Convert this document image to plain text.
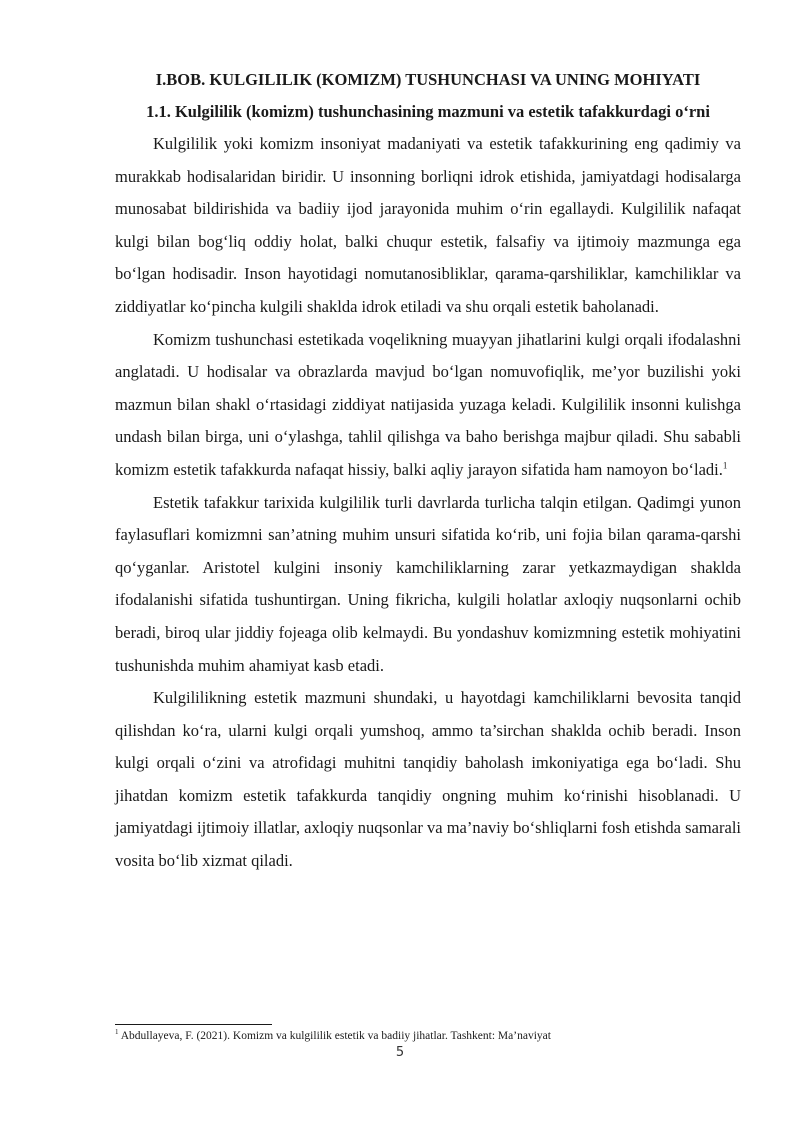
I.BOB. KULGILILIK (KOMIZM) TUSHUNCHASI VA UNING MOHIYATI

1.1. Kulgililik (komizm) tushunchasining mazmuni va estetik tafakkurdagi o‘rni

Kulgililik yoki komizm insoniyat madaniyati va estetik tafakkurining eng qadimiy va murakkab hodisalaridan biridir. U insonning borliqni idrok etishida, jamiyatdagi hodisalarga munosabat bildirishida va badiiy ijod jarayonida muhim o‘rin egallaydi. Kulgililik nafaqat kulgi bilan bog‘liq oddiy holat, balki chuqur estetik, falsafiy va ijtimoiy mazmunga ega bo‘lgan hodisadir. Inson hayotidagi nomutanosibliklar, qarama-qarshiliklar, kamchiliklar va ziddiyatlar ko‘pincha kulgili shaklda idrok etiladi va shu orqali estetik baholanadi.

Komizm tushunchasi estetikada voqelikning muayyan jihatlarini kulgi orqali ifodalashni anglatadi. U hodisalar va obrazlarda mavjud bo‘lgan nomuvofiqlik, me’yor buzilishi yoki mazmun bilan shakl o‘rtasidagi ziddiyat natijasida yuzaga keladi. Kulgililik insonni kulishga undash bilan birga, uni o‘ylashga, tahlil qilishga va baho berishga majbur qiladi. Shu sababli komizm estetik tafakkurda nafaqat hissiy, balki aqliy jarayon sifatida ham namoyon bo‘ladi.$^1$

Estetik tafakkur tarixida kulgililik turli davrlarda turlicha talqin etilgan. Qadimgi yunon faylasuflari komizmni san’atning muhim unsuri sifatida ko‘rib, uni fojia bilan qarama-qarshi qo‘yganlar. Aristotel kulgini insoniy kamchiliklarning zarar yetkazmaydigan shaklda ifodalanishi sifatida tushuntirgan. Uning fikricha, kulgili holatlar axloqiy nuqsonlarni ochib beradi, biroq ular jiddiy fojeaga olib kelmaydi. Bu yondashuv komizmning estetik mohiyatini tushunishda muhim ahamiyat kasb etadi.

Kulgililikning estetik mazmuni shundaki, u hayotdagi kamchiliklarni bevosita tanqid qilishdan ko‘ra, ularni kulgi orqali yumshoq, ammo ta’sirchan shaklda ochib beradi. Inson kulgi orqali o‘zini va atrofidagi muhitni tanqidiy baholash imkoniyatiga ega bo‘ladi. Shu jihatdan komizm estetik tafakkurda tanqidiy ongning muhim ko‘rinishi hisoblanadi. U jamiyatdagi ijtimoiy illatlar, axloqiy nuqsonlar va ma’naviy bo‘shliqlarni fosh etishda samarali vosita bo‘lib xizmat qiladi.

$^1$ Abdullayeva, F. (2021). Komizm va kulgililik estetik va badiiy jihatlar. Tashkent: Ma’naviyat
5
